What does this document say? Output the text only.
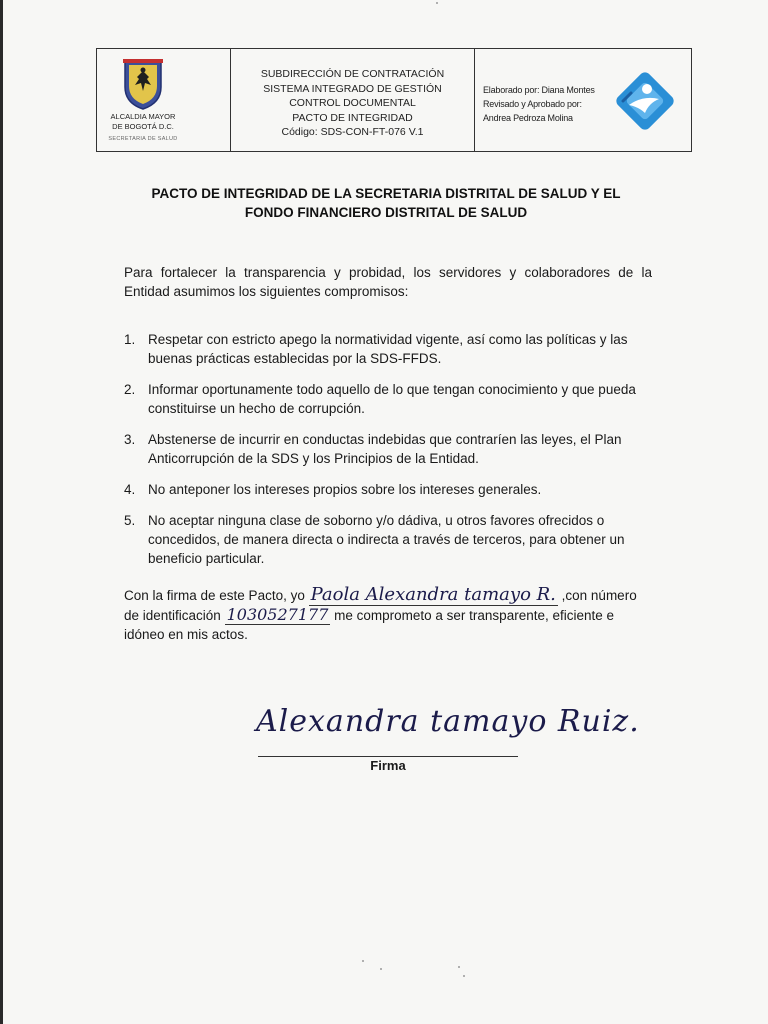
ALCALDIA MAYOR
DE BOGOTÁ D.C.
SECRETARIA DE SALUD
SUBDIRECCIÓN DE CONTRATACIÓN
SISTEMA INTEGRADO DE GESTIÓN
CONTROL DOCUMENTAL
PACTO DE INTEGRIDAD
Código: SDS-CON-FT-076 V.1
Elaborado por: Diana Montes
Revisado y Aprobado por:
Andrea Pedroza Molina
PACTO DE INTEGRIDAD DE LA SECRETARIA DISTRITAL DE SALUD Y EL
FONDO FINANCIERO DISTRITAL DE SALUD
Para fortalecer la transparencia y probidad, los servidores y colaboradores de la Entidad asumimos los siguientes compromisos:
1. Respetar con estricto apego la normatividad vigente, así como las políticas y las buenas prácticas establecidas por la SDS-FFDS.
2. Informar oportunamente todo aquello de lo que tengan conocimiento y que pueda constituirse un hecho de corrupción.
3. Abstenerse de incurrir en conductas indebidas que contraríen las leyes, el Plan Anticorrupción de la SDS y los Principios de la Entidad.
4. No anteponer los intereses propios sobre los intereses generales.
5. No aceptar ninguna clase de soborno y/o dádiva, u otros favores ofrecidos o concedidos, de manera directa o indirecta a través de terceros, para obtener un beneficio particular.
Con la firma de este Pacto, yo Paola Alexandra tamayo R. ,con número de identificación 1030527177 me comprometo a ser transparente, eficiente e idóneo en mis actos.
Alexandra tamayo Ruiz.
Firma
